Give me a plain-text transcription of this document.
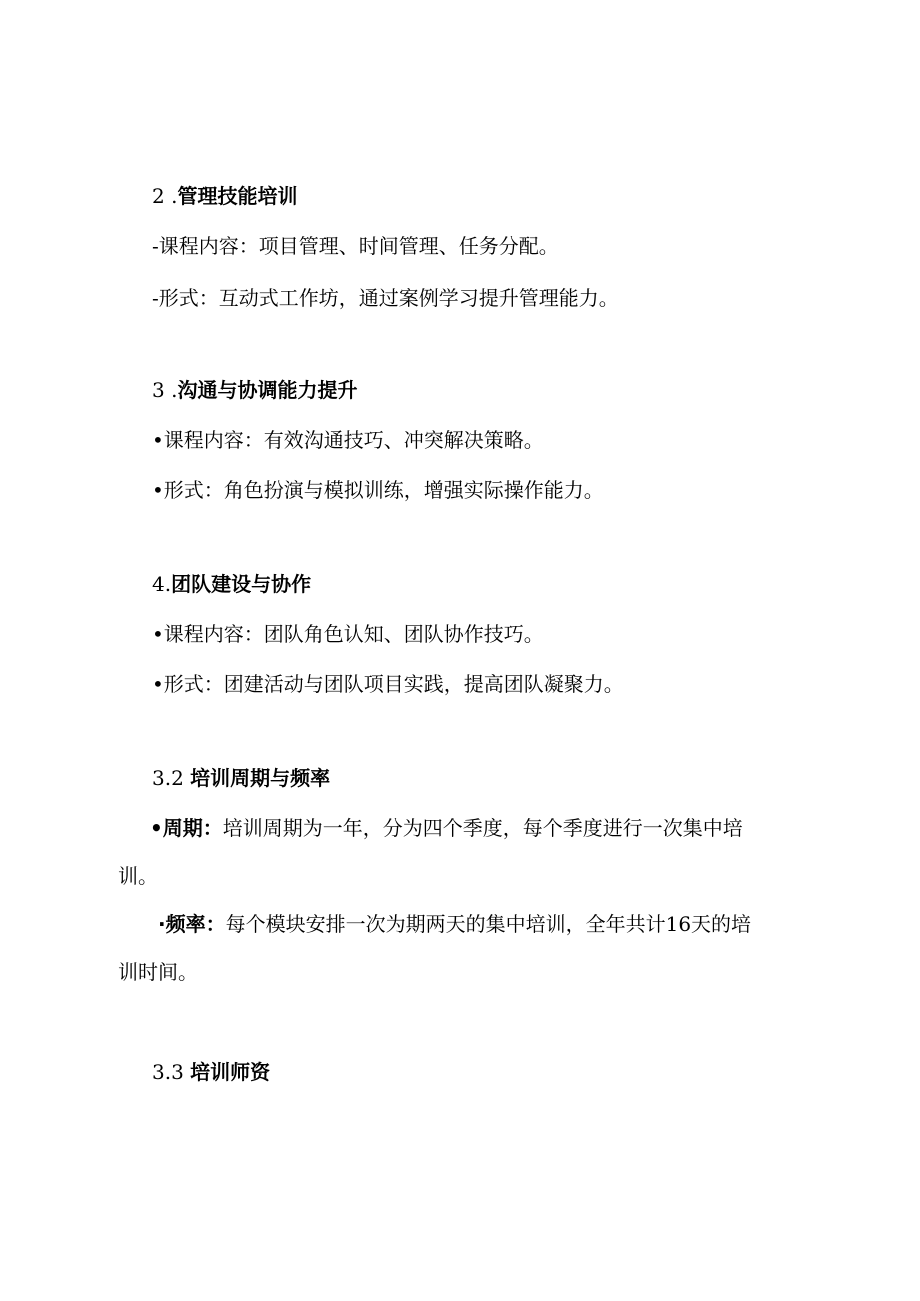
2 .管理技能培训
-课程内容：项目管理、时间管理、任务分配。
-形式：互动式工作坊，通过案例学习提升管理能力。
3 .沟通与协调能力提升
•课程内容：有效沟通技巧、冲突解决策略。
•形式：角色扮演与模拟训练，增强实际操作能力。
4.团队建设与协作
•课程内容：团队角色认知、团队协作技巧。
•形式：团建活动与团队项目实践，提高团队凝聚力。
3.2 培训周期与频率
•周期：培训周期为一年，分为四个季度，每个季度进行一次集中培
训。
·频率：每个模块安排一次为期两天的集中培训，全年共计16天的培
训时间。
3.3 培训师资
